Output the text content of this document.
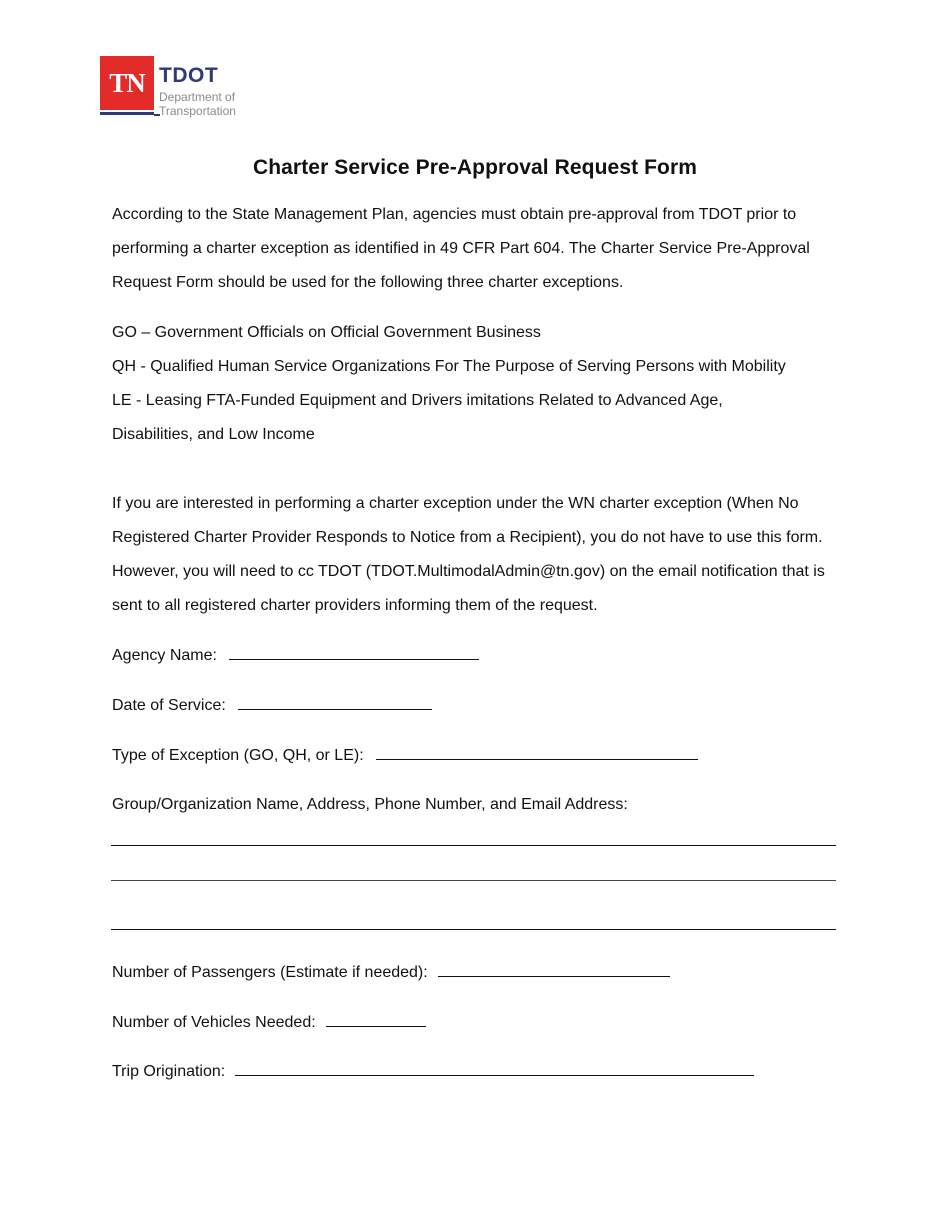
TN TDOT
Department of
Transportation
Charter Service Pre-Approval Request Form

According to the State Management Plan, agencies must obtain pre-approval from TDOT prior to performing a charter exception as identified in 49 CFR Part 604. The Charter Service Pre-Approval Request Form should be used for the following three charter exceptions.

GO – Government Officials on Official Government Business
QH - Qualified Human Service Organizations For The Purpose of Serving Persons with Mobility
LE - Leasing FTA-Funded Equipment and Drivers imitations Related to Advanced Age,
Disabilities, and Low Income

If you are interested in performing a charter exception under the WN charter exception (When No Registered Charter Provider Responds to Notice from a Recipient), you do not have to use this form. However, you will need to cc TDOT (TDOT.MultimodalAdmin@tn.gov) on the email notification that is sent to all registered charter providers informing them of the request.

Agency Name:
Date of Service:
Type of Exception (GO, QH, or LE):
Group/Organization Name, Address, Phone Number, and Email Address:
Number of Passengers (Estimate if needed):
Number of Vehicles Needed:
Trip Origination:
